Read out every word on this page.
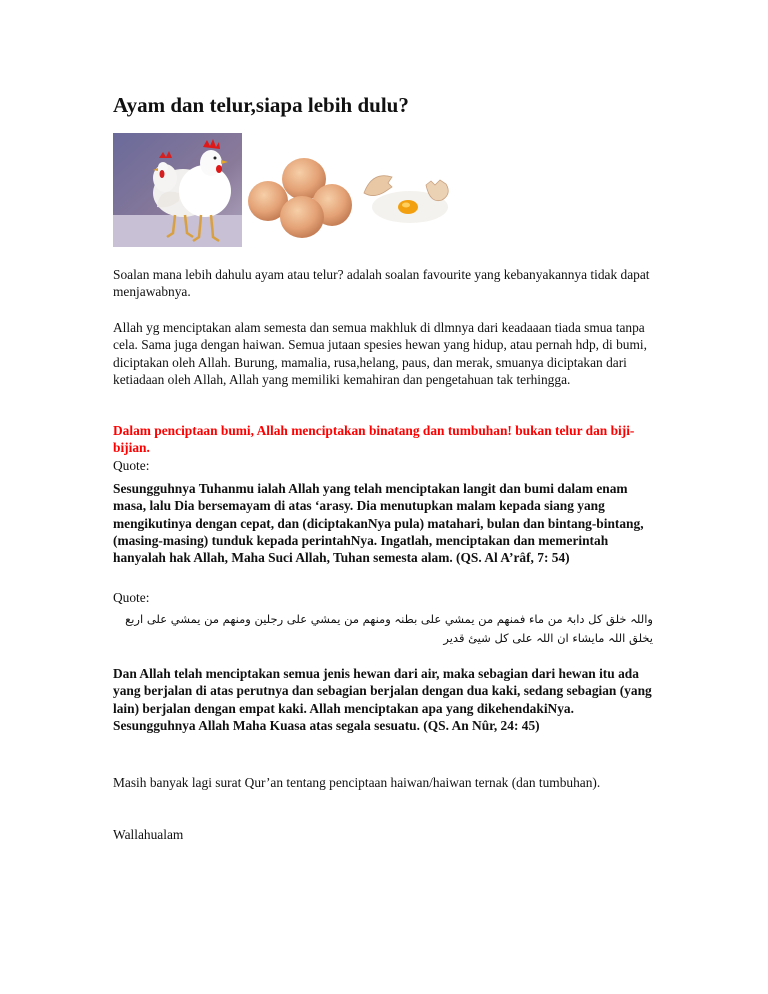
Ayam dan telur,siapa lebih dulu?

Soalan mana lebih dahulu ayam atau telur? adalah soalan favourite yang kebanyakannya tidak dapat menjawabnya.

Allah yg menciptakan alam semesta dan semua makhluk di dlmnya dari keadaaan tiada smua tanpa cela. Sama juga dengan haiwan. Semua jutaan spesies hewan yang hidup, atau pernah hdp, di bumi, diciptakan oleh Allah. Burung, mamalia, rusa,helang, paus, dan merak, smuanya diciptakan dari ketiadaan oleh Allah, Allah yang memiliki kemahiran dan pengetahuan tak terhingga.

Dalam penciptaan bumi, Allah menciptakan binatang dan tumbuhan! bukan telur dan biji-bijian.

Quote:

Sesungguhnya Tuhanmu ialah Allah yang telah menciptakan langit dan bumi dalam enam masa, lalu Dia bersemayam di atas ‘arasy. Dia menutupkan malam kepada siang yang mengikutinya dengan cepat, dan (diciptakanNya pula) matahari, bulan dan bintang-bintang, (masing-masing) tunduk kepada perintahNya. Ingatlah, menciptakan dan memerintah hanyalah hak Allah, Maha Suci Allah, Tuhan semesta alam. (QS. Al A’râf, 7: 54)

Quote:

واللہ خلق كل دابۃ من ماء فمنھم من يمشي على بطنہ ومنھم من يمشي على رجلين ومنھم من يمشي على اربع يخلق اللہ مايشاء ان اللہ على كل شيئ قدير

Dan Allah telah menciptakan semua jenis hewan dari air, maka sebagian dari hewan itu ada yang berjalan di atas perutnya dan sebagian berjalan dengan dua kaki, sedang sebagian (yang lain) berjalan dengan empat kaki. Allah menciptakan apa yang dikehendakiNya. Sesungguhnya Allah Maha Kuasa atas segala sesuatu. (QS. An Nûr, 24: 45)

Masih banyak lagi surat Qur’an tentang penciptaan haiwan/haiwan ternak (dan tumbuhan).

Wallahualam
